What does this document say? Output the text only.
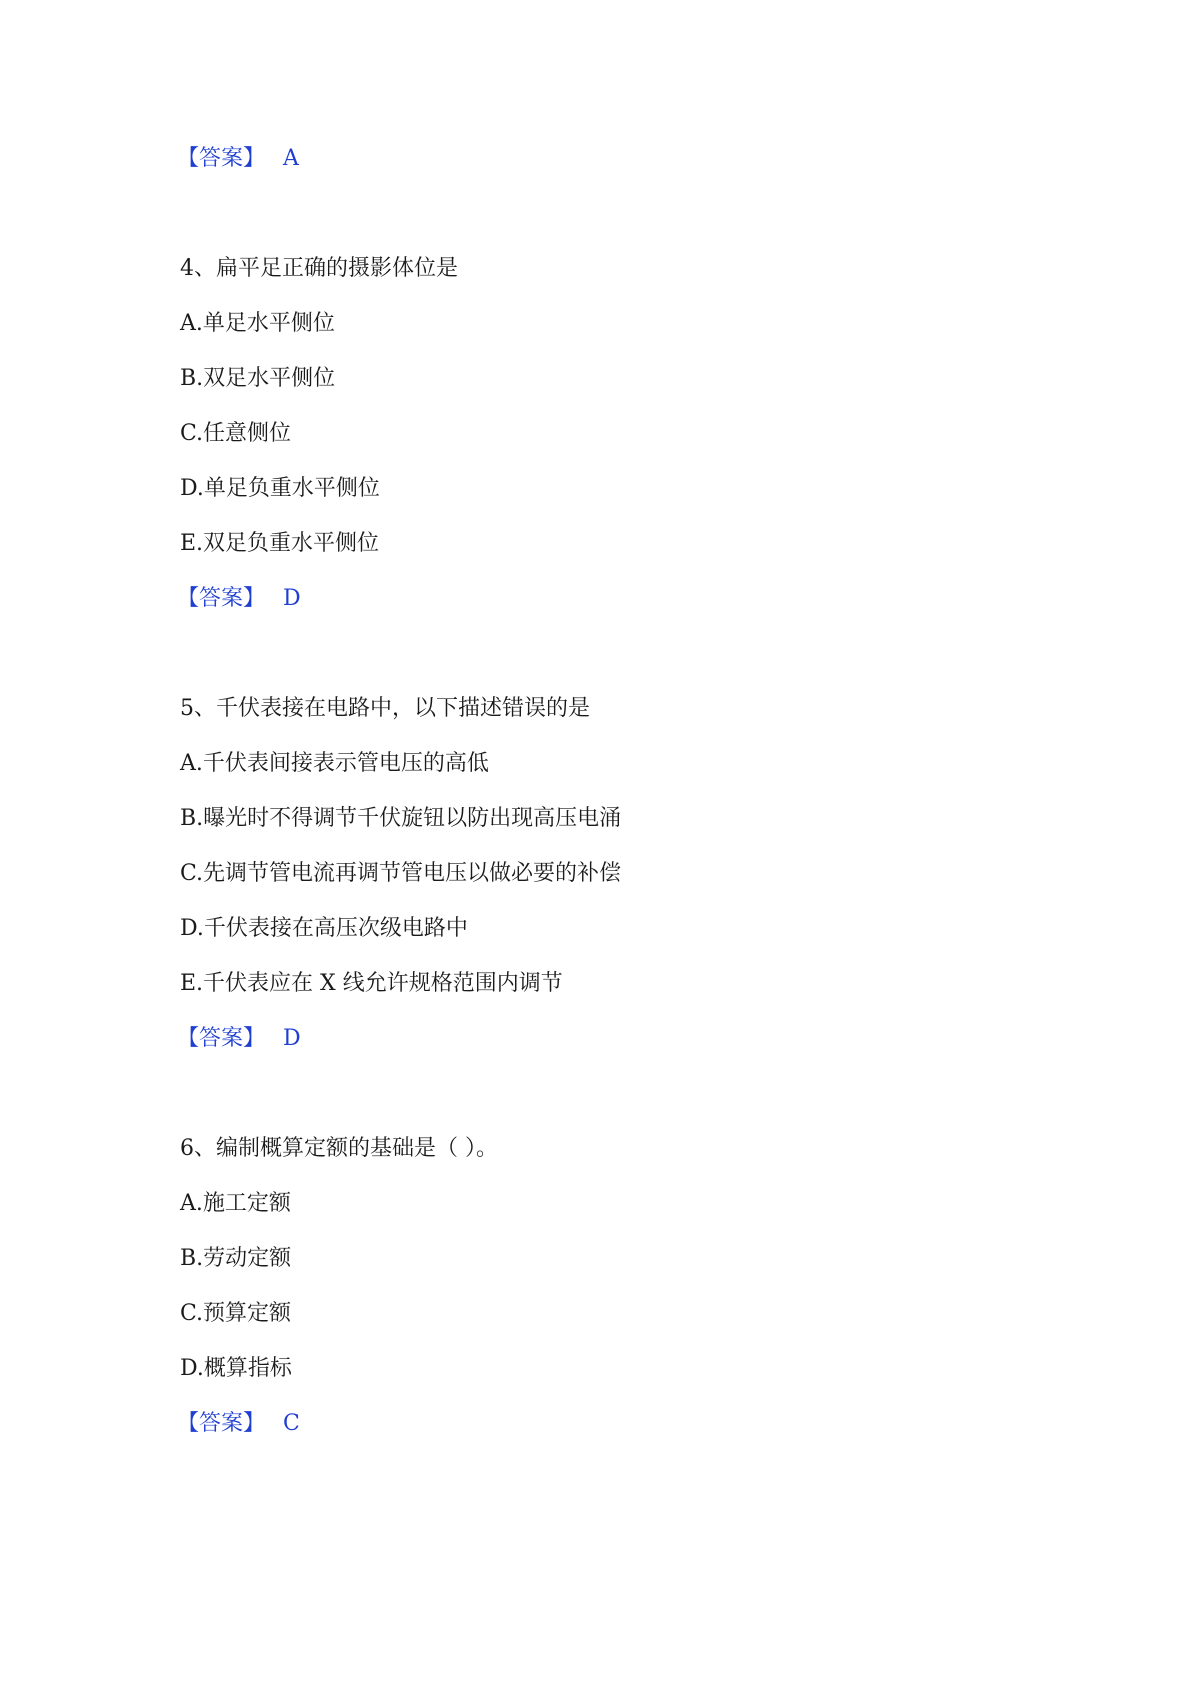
【答案】 A
4、扁平足正确的摄影体位是
A.单足水平侧位
B.双足水平侧位
C.任意侧位
D.单足负重水平侧位
E.双足负重水平侧位
【答案】 D
5、千伏表接在电路中，以下描述错误的是
A.千伏表间接表示管电压的高低
B.曝光时不得调节千伏旋钮以防出现高压电涌
C.先调节管电流再调节管电压以做必要的补偿
D.千伏表接在高压次级电路中
E.千伏表应在 X 线允许规格范围内调节
【答案】 D
6、编制概算定额的基础是（ ）。
A.施工定额
B.劳动定额
C.预算定额
D.概算指标
【答案】 C
